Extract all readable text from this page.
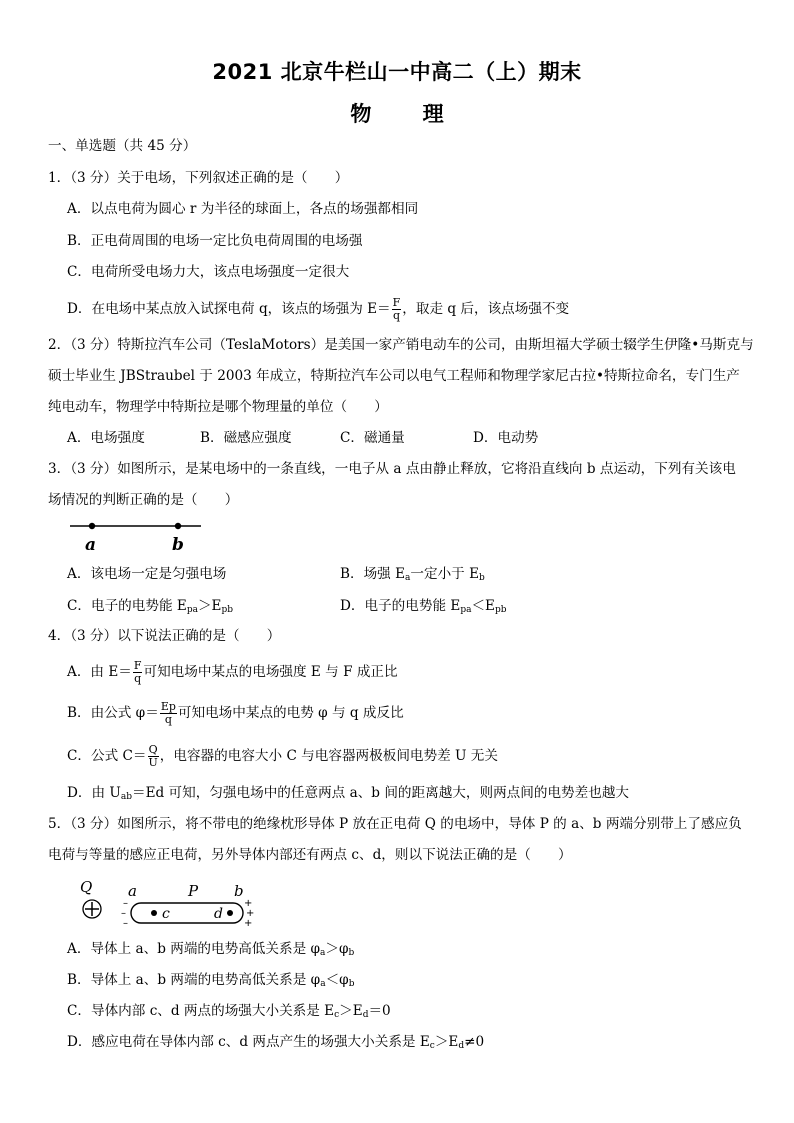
2021 北京牛栏山一中高二（上）期末
物 理
一、单选题（共 45 分）
1．（3 分）关于电场，下列叙述正确的是（　　）
A．以点电荷为圆心 r 为半径的球面上，各点的场强都相同
B．正电荷周围的电场一定比负电荷周围的电场强
C．电荷所受电场力大，该点电场强度一定很大
D．在电场中某点放入试探电荷 q，该点的场强为 $E= \frac{F}{q}$ ，取走 q 后，该点场强不变
2．（3 分）特斯拉汽车公司（TeslaMotors）是美国一家产销电动车的公司，由斯坦福大学硕士辍学生伊隆•马斯克与
硕士毕业生 JBStraubel 于 2003 年成立，特斯拉汽车公司以电气工程师和物理学家尼古拉•特斯拉命名，专门生产
纯电动车，物理学中特斯拉是哪个物理量的单位（　　）
A．电场强度	B．磁感应强度	C．磁通量	D．电动势
3．（3 分）如图所示，是某电场中的一条直线，一电子从 a 点由静止释放，它将沿直线向 b 点运动，下列有关该电
场情况的判断正确的是（　　）
a	b
A．该电场一定是匀强电场	B．场强 $E_a$一定小于 $E_b$
C．电子的电势能 $E_{pa}>E_{pb}$	D．电子的电势能 $E_{pa}<E_{pb}$
4．（3 分）以下说法正确的是（　　）
A．由 $E= \frac{F}{q}$ 可知电场中某点的电场强度 E 与 F 成正比
B．由公式 $\varphi= \frac{Ep}{q}$ 可知电场中某点的电势 φ 与 q 成反比
C．公式 $C= \frac{Q}{U}$ ，电容器的电容大小 C 与电容器两极板间电势差 U 无关
D．由 $U_{ab}=Ed$ 可知，匀强电场中的任意两点 a、b 间的距离越大，则两点间的电势差也越大
5．（3 分）如图所示，将不带电的绝缘枕形导体 P 放在正电荷 Q 的电场中，导体 P 的 a、b 两端分别带上了感应负
电荷与等量的感应正电荷，另外导体内部还有两点 c、d，则以下说法正确的是（　　）
Q a	P b
–
–
–
+
+
+
c	d
A．导体上 a、b 两端的电势高低关系是 $\varphi_a>\varphi_b$
B．导体上 a、b 两端的电势高低关系是 $\varphi_a<\varphi_b$
C．导体内部 c、d 两点的场强大小关系是 $E_c>E_d=0$
D．感应电荷在导体内部 c、d 两点产生的场强大小关系是 $E_c>E_d\ne 0$
